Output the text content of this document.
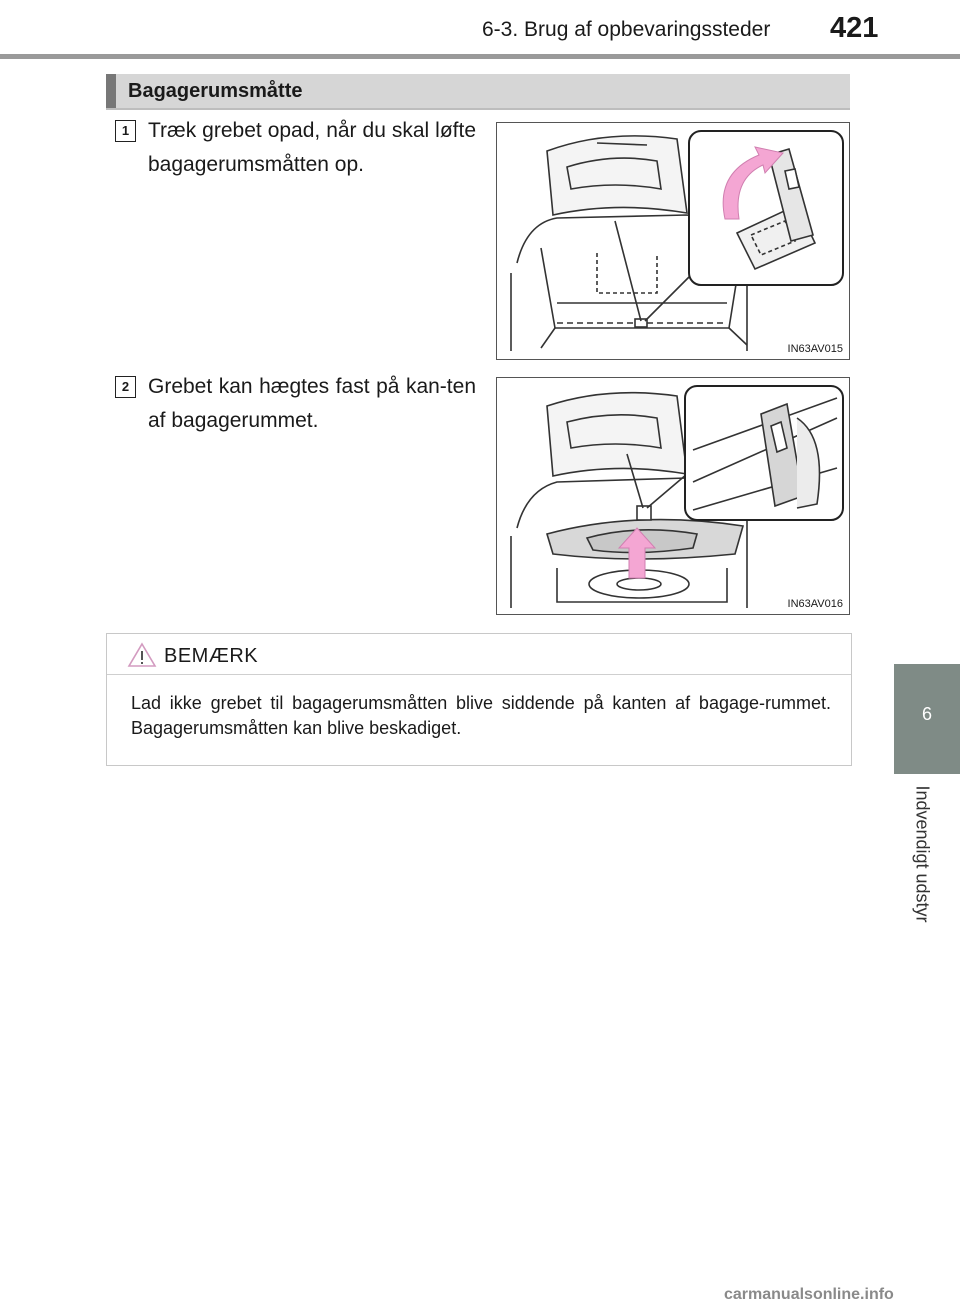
6-3. Brug af opbevaringssteder 421
6
Indvendigt udstyr
Bagagerumsmåtte
1 Træk grebet opad, når du skal løfte bagagerumsmåtten op.
IN63AV015
2 Grebet kan hægtes fast på kan-ten af bagagerummet.
IN63AV016
BEMÆRK
Lad ikke grebet til bagagerumsmåtten blive siddende på kanten af bagage-rummet. Bagagerumsmåtten kan blive beskadiget.
carmanualsonline.info
